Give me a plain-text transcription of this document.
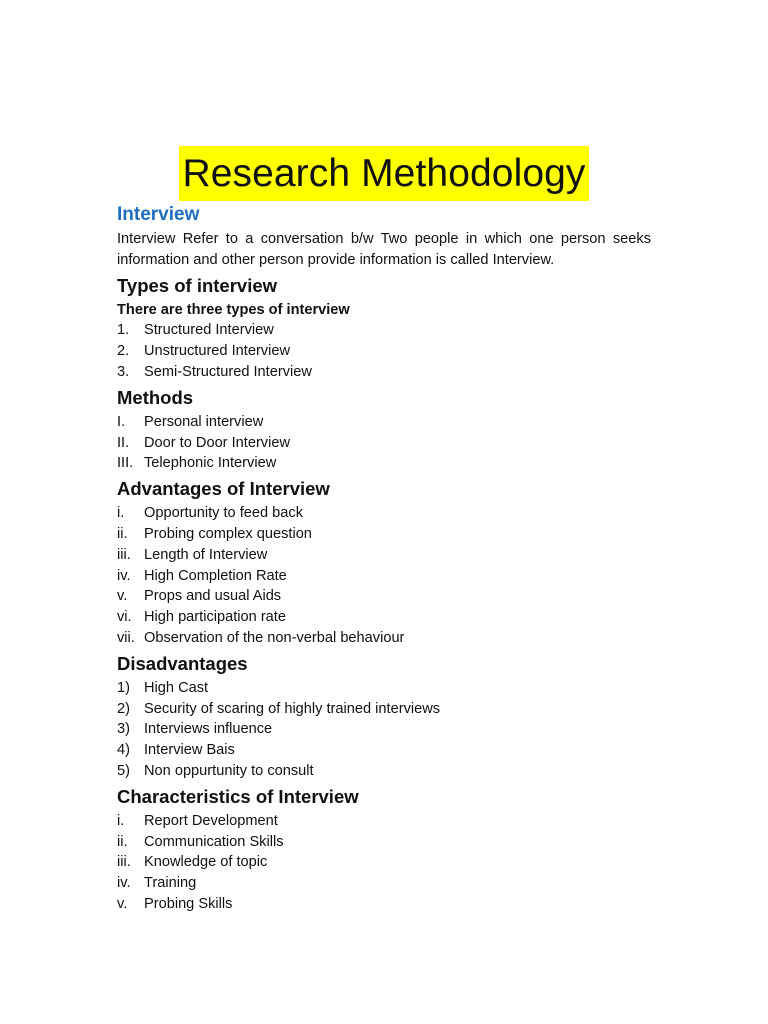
Research Methodology
Interview

Interview Refer to a conversation b/w Two people in which one person seeks information and other person provide information is called Interview.

Types of interview

There are three types of interview

1. Structured Interview
2. Unstructured Interview
3. Semi-Structured Interview
Methods
I. Personal interview
II. Door to Door Interview
III. Telephonic Interview
Advantages of Interview
i. Opportunity to feed back
ii. Probing complex question
iii. Length of Interview
iv. High Completion Rate
v. Props and usual Aids
vi. High participation rate
vii. Observation of the non-verbal behaviour
Disadvantages
1) High Cast
2) Security of scaring of highly trained interviews
3) Interviews influence
4) Interview Bais
5) Non oppurtunity to consult
Characteristics of Interview
i. Report Development
ii. Communication Skills
iii. Knowledge of topic
iv. Training
v. Probing Skills
